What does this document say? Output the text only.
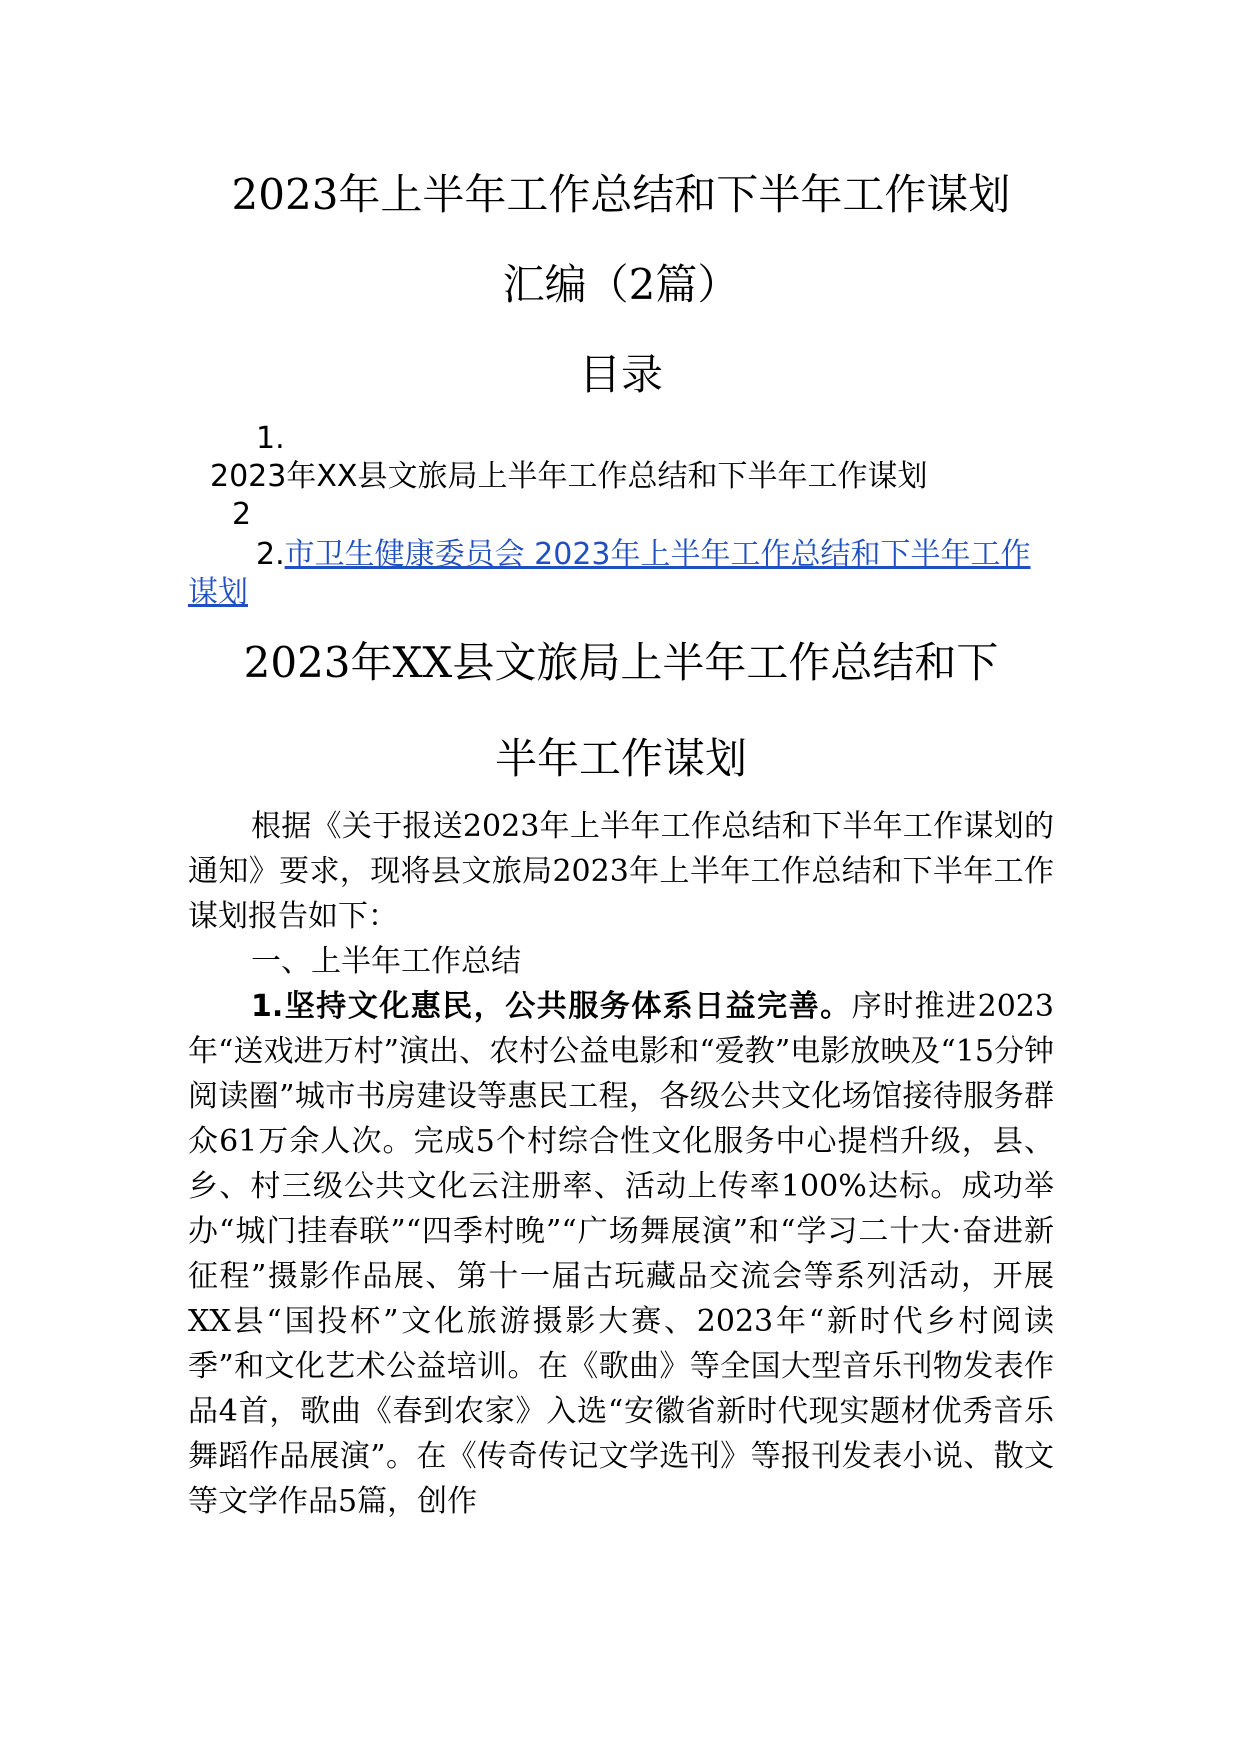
2023年上半年工作总结和下半年工作谋划
汇编（2篇）
目录
1.
2023年XX县文旅局上半年工作总结和下半年工作谋划
2
2.市卫生健康委员会 2023年上半年工作总结和下半年工作谋划
2023年XX县文旅局上半年工作总结和下
半年工作谋划

根据《关于报送2023年上半年工作总结和下半年工作谋划的通知》要求，现将县文旅局2023年上半年工作总结和下半年工作谋划报告如下：

一、上半年工作总结

1.坚持文化惠民，公共服务体系日益完善。序时推进2023年“送戏进万村”演出、农村公益电影和“爱教”电影放映及“15分钟阅读圈”城市书房建设等惠民工程，各级公共文化场馆接待服务群众61万余人次。完成5个村综合性文化服务中心提档升级，县、乡、村三级公共文化云注册率、活动上传率100%达标。成功举办“城门挂春联”“四季村晚”“广场舞展演”和“学习二十大·奋进新征程”摄影作品展、第十一届古玩藏品交流会等系列活动，开展XX县“国投杯”文化旅游摄影大赛、2023年“新时代乡村阅读季”和文化艺术公益培训。在《歌曲》等全国大型音乐刊物发表作品4首，歌曲《春到农家》入选“安徽省新时代现实题材优秀音乐舞蹈作品展演”。在《传奇传记文学选刊》等报刊发表小说、散文等文学作品5篇，创作
